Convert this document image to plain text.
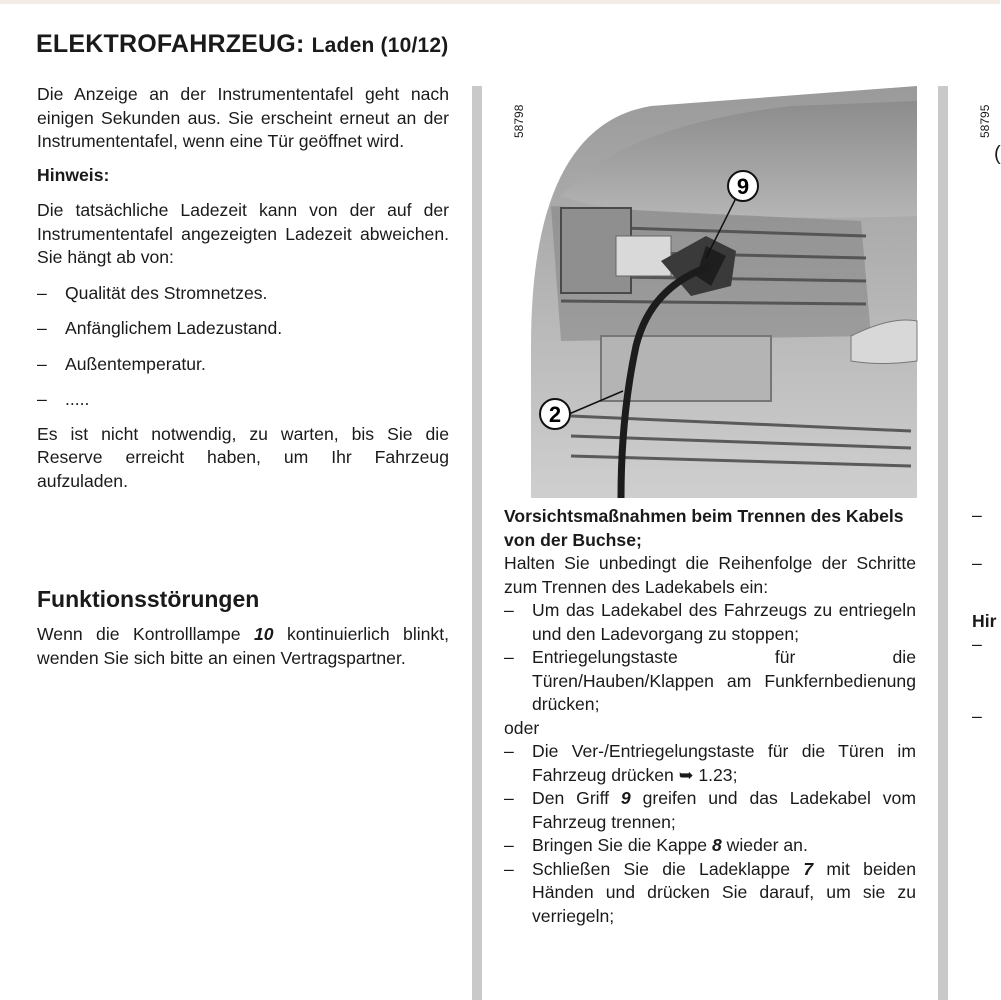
ELEKTROFAHRZEUG: Laden (10/12)

Die Anzeige an der Instrumententafel geht nach einigen Sekunden aus. Sie erscheint erneut an der Instrumententafel, wenn eine Tür geöffnet wird.

Hinweis:

Die tatsächliche Ladezeit kann von der auf der Instrumententafel angezeigten Ladezeit abweichen. Sie hängt ab von:

– Qualität des Stromnetzes.
– Anfänglichem Ladezustand.
– Außentemperatur.
– .....

Es ist nicht notwendig, zu warten, bis Sie die Reserve erreicht haben, um Ihr Fahrzeug aufzuladen.

Funktionsstörungen

Wenn die Kontrolllampe 10 kontinuierlich blinkt, wenden Sie sich bitte an einen Vertragspartner.

58798	58795
9
2

Vorsichtsmaßnahmen beim Trennen des Kabels von der Buchse;

Halten Sie unbedingt die Reihenfolge der Schritte zum Trennen des Ladekabels ein:

– Um das Ladekabel des Fahrzeugs zu entriegeln und den Ladevorgang zu stoppen;
– Entriegelungstaste für die Türen/Hauben/Klappen am Funkfernbedienung drücken;

oder

– Die Ver-/Entriegelungstaste für die Türen im Fahrzeug drücken ➥ 1.23;
– Den Griff 9 greifen und das Ladekabel vom Fahrzeug trennen;
– Bringen Sie die Kappe 8 wieder an.
– Schließen Sie die Ladeklappe 7 mit beiden Händen und drücken Sie darauf, um sie zu verriegeln;
(
–
–
Hir
–
–
